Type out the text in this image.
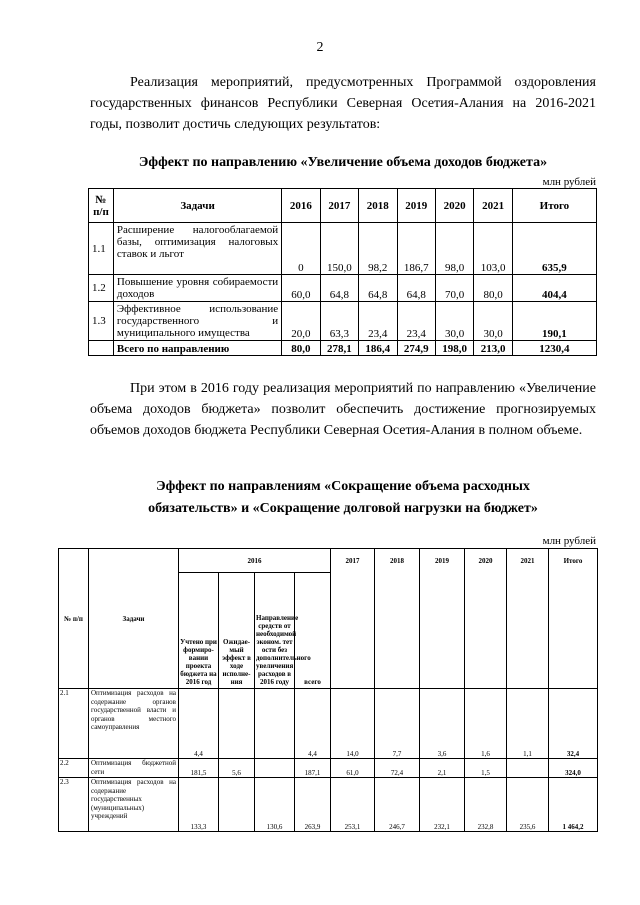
2

Реализация мероприятий, предусмотренных Программой оздоровления государственных финансов Республики Северная Осетия-Алания на 2016-2021 годы, позволит достичь следующих результатов:

Эффект по направлению «Увеличение объема доходов бюджета»

млн рублей
№ п/п	Задачи	2016	2017	2018	2019	2020	2021	Итого
1.1	Расширение налогооблагаемой базы, оптимизация налоговых ставок и льгот	0	150,0	98,2	186,7	98,0	103,0	635,9
1.2	Повышение уровня собираемости доходов	60,0	64,8	64,8	64,8	70,0	80,0	404,4
1.3	Эффективное использование государственного и муниципального имущества	20,0	63,3	23,4	23,4	30,0	30,0	190,1
	Всего по направлению	80,0	278,1	186,4	274,9	198,0	213,0	1230,4

При этом в 2016 году реализация мероприятий по направлению «Увеличение объема доходов бюджета» позволит обеспечить достижение прогнозируемых объемов доходов бюджета Республики Северная Осетия-Алания в полном объеме.

Эффект по направлениям «Сокращение объема расходных

обязательств» и «Сокращение долговой нагрузки на бюджет»

млн рублей
№ п/п	Задачи	2016				2017	2018	2019	2020	2021	Итого
		Учтено при формиро-вании проекта бюджета на 2016 год	Ожидае-мый эффект в ходе исполне-ния	Направление средств от необходимой эконом. тет ости без дополнительного увеличения расходов в 2016 году	всего						
2.1	Оптимизация расходов на содержание органов государственной власти и органов местного самоуправления	4,4			4,4	14,0	7,7	3,6	1,6	1,1	32,4
2.2	Оптимизация бюджетной сети	181,5	5,6		187,1	61,0	72,4	2,1	1,5		324,0
2.3	Оптимизация расходов на содержание государственных (муниципальных) учреждений	133,3		130,6	263,9	253,1	246,7	232,1	232,8	235,6	1 464,2
